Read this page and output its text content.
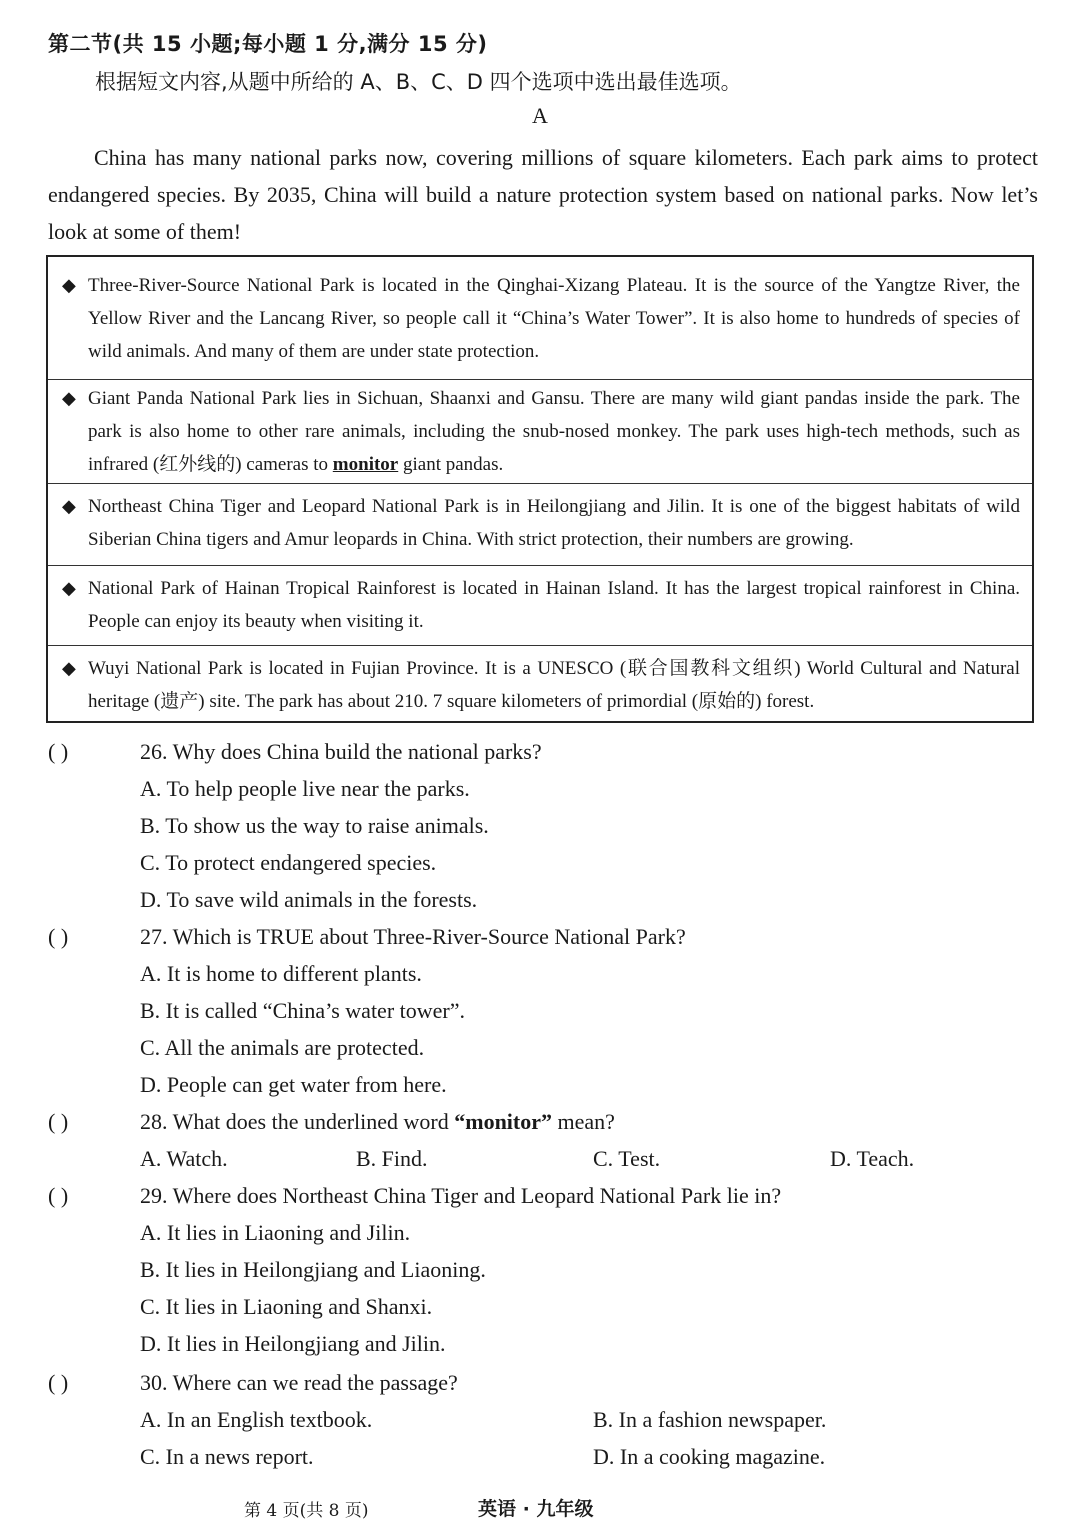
第二节(共 15 小题;每小题 1 分,满分 15 分)
根据短文内容,从题中所给的 A、B、C、D 四个选项中选出最佳选项。
A
China has many national parks now, covering millions of square kilometers. Each park aims to protect endangered species. By 2035, China will build a nature protection system based on national parks. Now let’s look at some of them!
◆ Three-River-Source National Park is located in the Qinghai-Xizang Plateau. It is the source of the Yangtze River, the Yellow River and the Lancang River, so people call it “China’s Water Tower”. It is also home to hundreds of species of wild animals. And many of them are under state protection.
◆ Giant Panda National Park lies in Sichuan, Shaanxi and Gansu. There are many wild giant pandas inside the park. The park is also home to other rare animals, including the snub-nosed monkey. The park uses high-tech methods, such as infrared (红外线的) cameras to monitor giant pandas.
◆ Northeast China Tiger and Leopard National Park is in Heilongjiang and Jilin. It is one of the biggest habitats of wild Siberian China tigers and Amur leopards in China. With strict protection, their numbers are growing.
◆ National Park of Hainan Tropical Rainforest is located in Hainan Island. It has the largest tropical rainforest in China. People can enjoy its beauty when visiting it.
◆ Wuyi National Park is located in Fujian Province. It is a UNESCO (联合国教科文组织) World Cultural and Natural heritage (遗产) site. The park has about 210. 7 square kilometers of primordial (原始的) forest.
( )	26. Why does China build the national parks?
A. To help people live near the parks.
B. To show us the way to raise animals.
C. To protect endangered species.
D. To save wild animals in the forests.
( )	27. Which is TRUE about Three-River-Source National Park?
A. It is home to different plants.
B. It is called “China’s water tower”.
C. All the animals are protected.
D. People can get water from here.
( )	28. What does the underlined word “monitor” mean?
A. Watch.	B. Find.	C. Test.	D. Teach.
( )	29. Where does Northeast China Tiger and Leopard National Park lie in?
A. It lies in Liaoning and Jilin.
B. It lies in Heilongjiang and Liaoning.
C. It lies in Liaoning and Shanxi.
D. It lies in Heilongjiang and Jilin.
( )	30. Where can we read the passage?
A. In an English textbook.	B. In a fashion newspaper.
C. In a news report.	D. In a cooking magazine.
第 4 页(共 8 页)	英语 · 九年级
